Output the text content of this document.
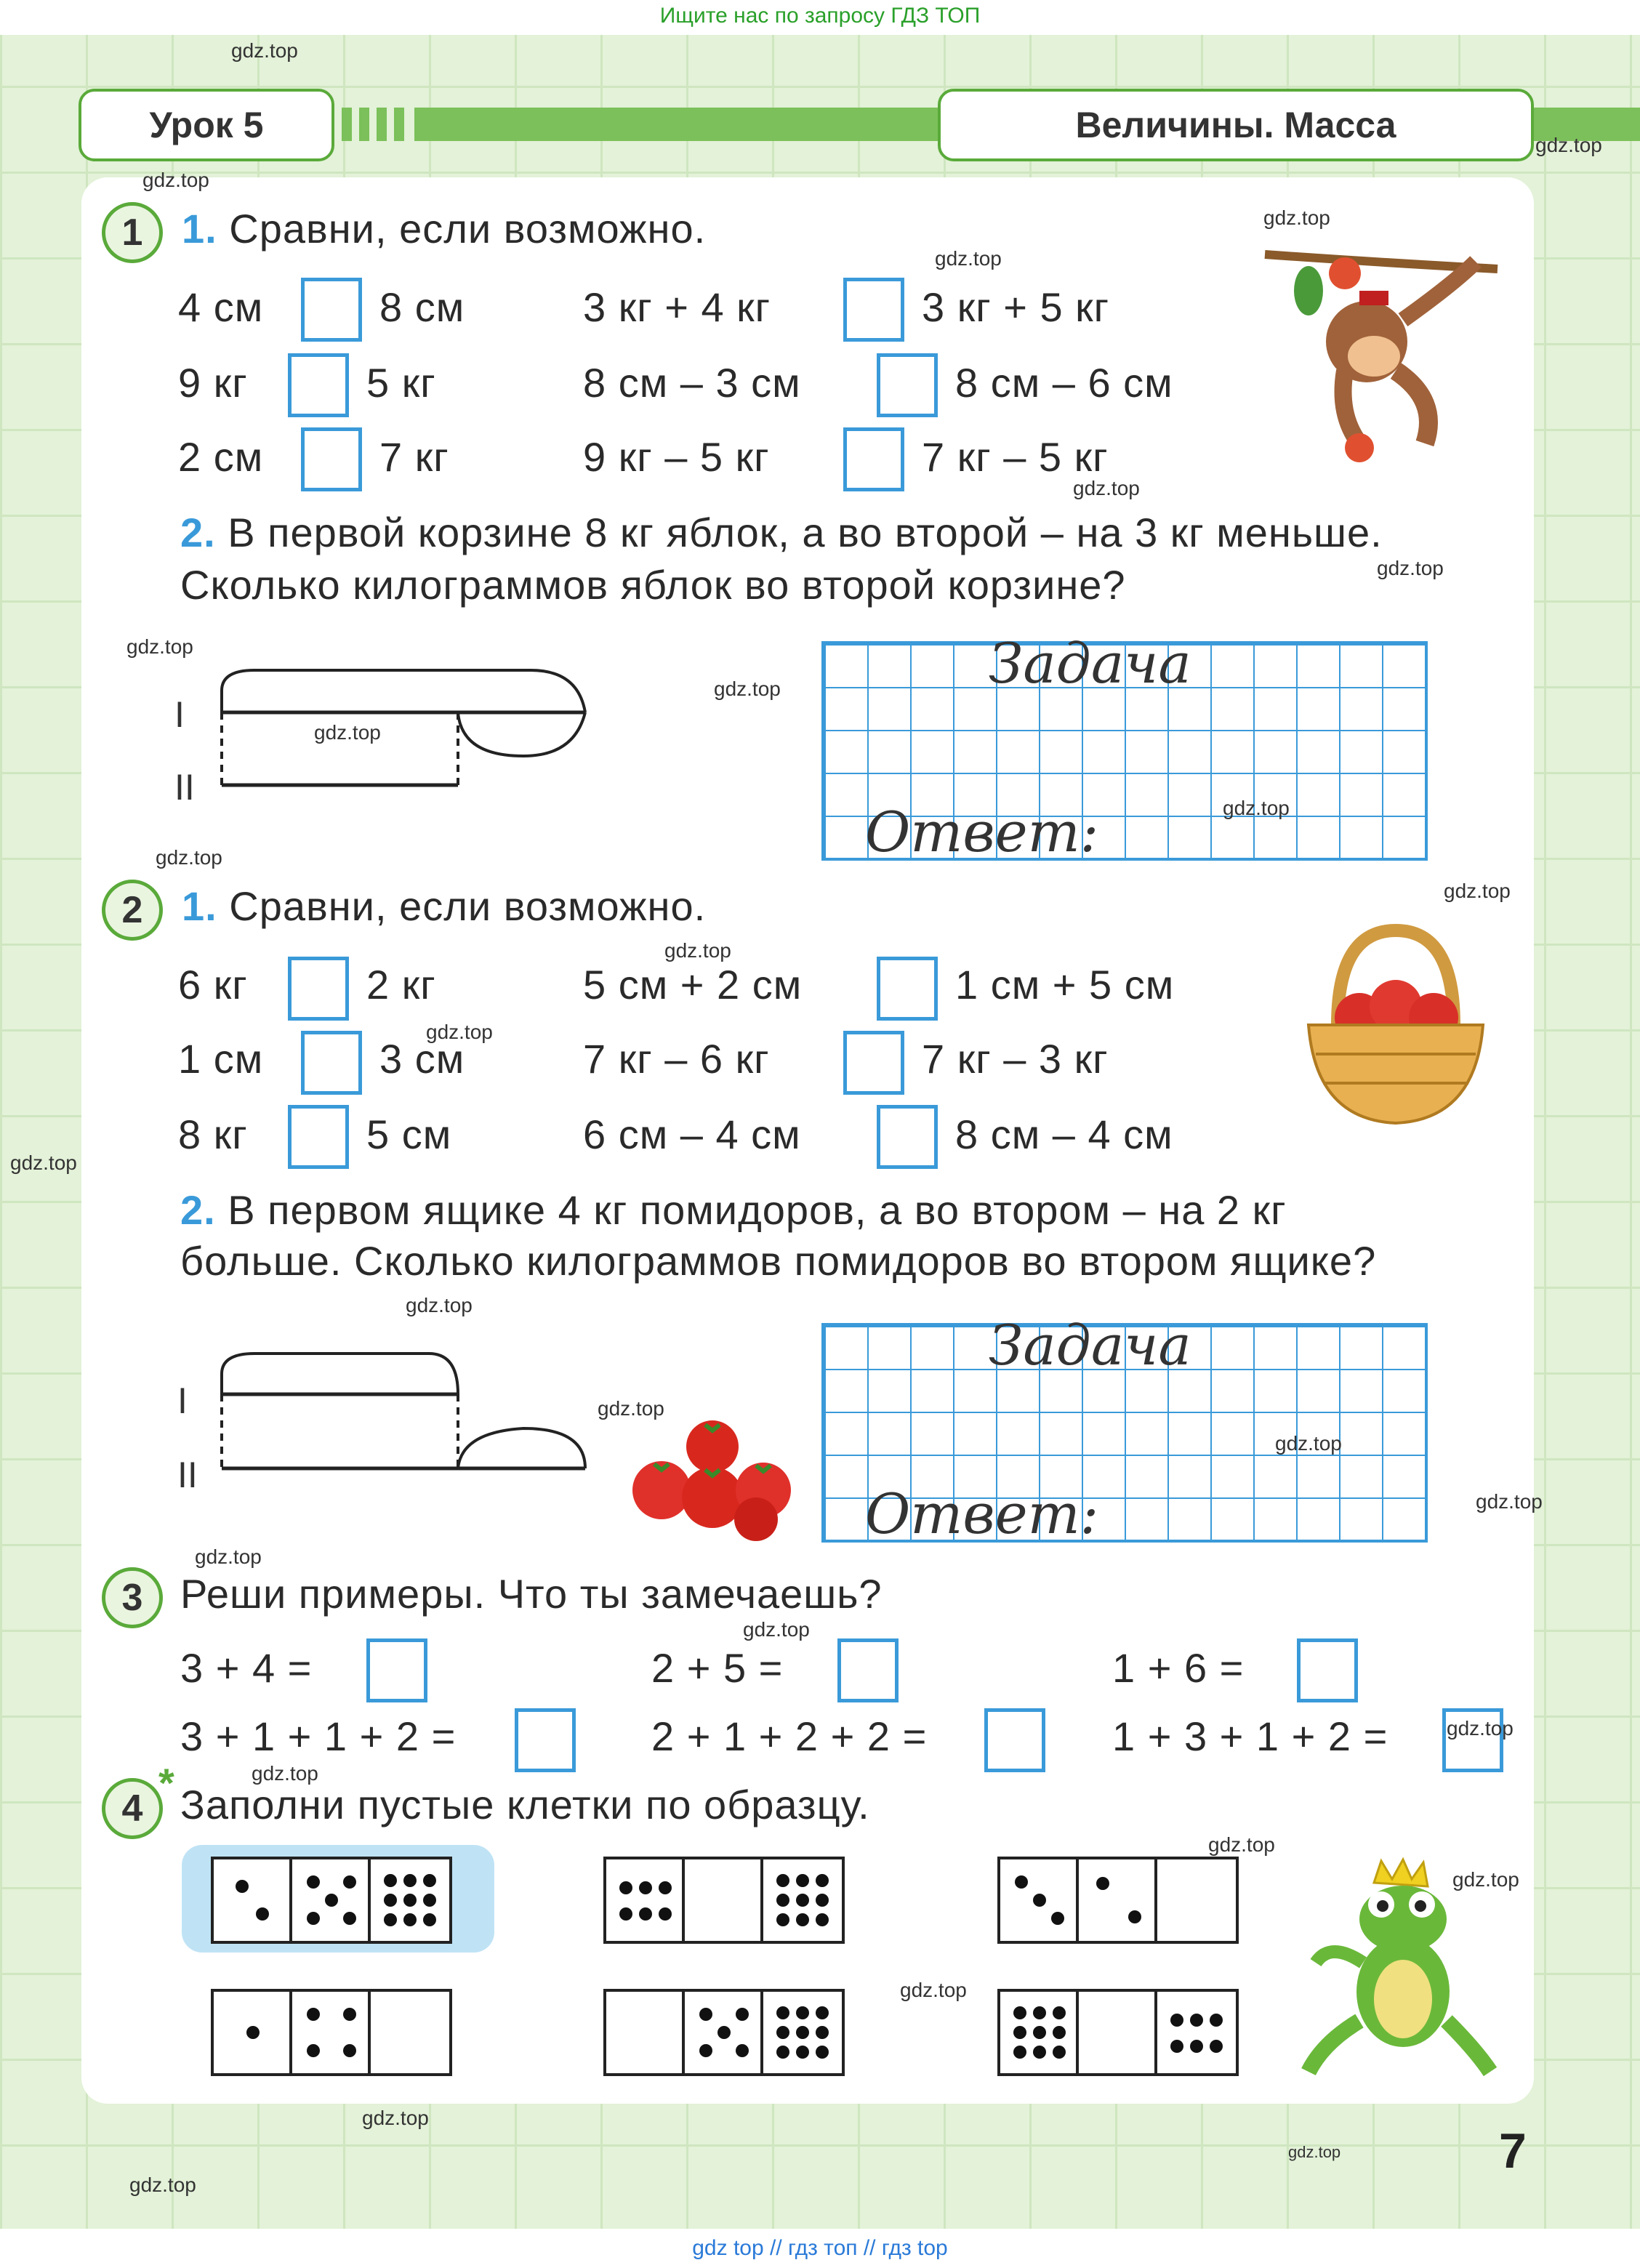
Ищите нас по запросу ГДЗ ТОП
Урок 5	Величины. Масса
1 1. Сравни, если возможно.
4 см	8 см	3 кг + 4 кг	3 кг + 5 кг
9 кг	5 кг	8 см – 3 см	8 см – 6 см
2 см	7 кг	9 кг – 5 кг	7 кг – 5 кг
2. В первой корзине 8 кг яблок, а во второй – на 3 кг меньше.
Сколько килограммов яблок во второй корзине?
I
II
Задача
Ответ:
2 1. Сравни, если возможно.
6 кг	2 кг	5 см + 2 см	1 см + 5 см
1 см	3 см	7 кг – 6 кг	7 кг – 3 кг
8 кг	5 см	6 см – 4 см	8 см – 4 см
2. В первом ящике 4 кг помидоров, а во втором – на 2 кг
больше. Сколько килограммов помидоров во втором ящике?
I
II
Задача
Ответ:
3 Реши примеры. Что ты замечаешь?
3 + 4 =	2 + 5 =	1 + 6 =
3 + 1 + 1 + 2 =	2 + 1 + 2 + 2 =	1 + 3 + 1 + 2 =
4
* Заполни пустые клетки по образцу.
7
gdz.top
gdz.top
gdz.top
gdz.top
gdz.top
gdz.top
gdz.top
gdz.top
gdz.top
gdz.top
gdz.top
gdz.top
gdz.top
gdz.top
gdz.top
gdz.top
gdz.top
gdz.top
gdz.top
gdz.top
gdz.top
gdz.top
gdz.top
gdz.top
gdz.top
gdz.top
gdz.top
gdz.top
gdz.top
gdz.top
gdz top // гдз топ // гдз top
